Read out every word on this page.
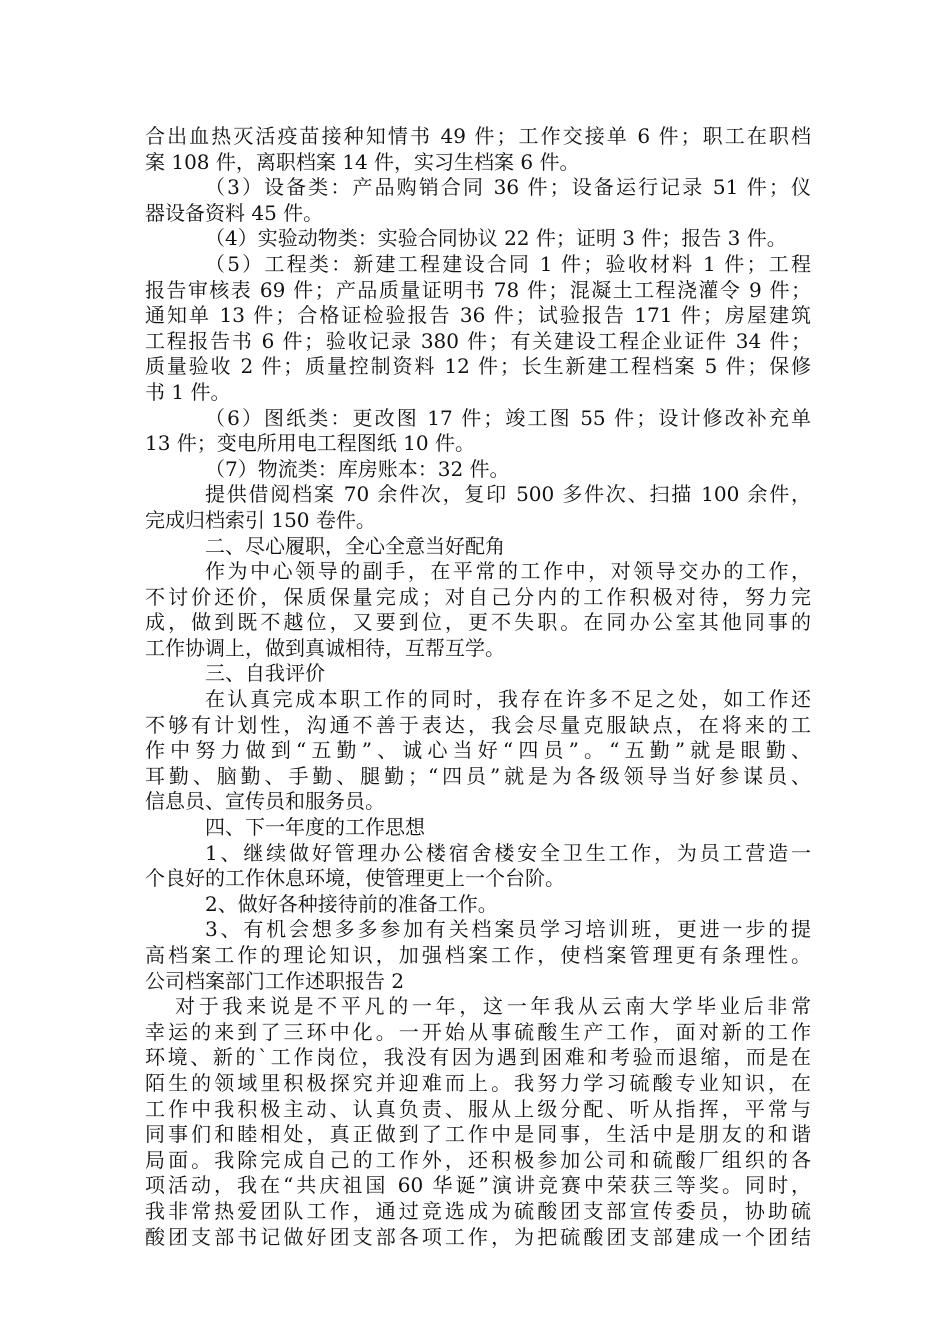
合出血热灭活疫苗接种知情书 49 件；工作交接单 6 件；职工在职档
案 108 件，离职档案 14 件，实习生档案 6 件。
（3）设备类：产品购销合同 36 件；设备运行记录 51 件；仪
器设备资料 45 件。
（4）实验动物类：实验合同协议 22 件；证明 3 件；报告 3 件。
（5）工程类：新建工程建设合同 1 件；验收材料 1 件；工程
报告审核表 69 件；产品质量证明书 78 件；混凝土工程浇灌令 9 件；
通知单 13 件；合格证检验报告 36 件；试验报告 171 件；房屋建筑
工程报告书 6 件；验收记录 380 件；有关建设工程企业证件 34 件；
质量验收 2 件；质量控制资料 12 件；长生新建工程档案 5 件；保修
书 1 件。
（6）图纸类：更改图 17 件；竣工图 55 件；设计修改补充单
13 件；变电所用电工程图纸 10 件。
（7）物流类：库房账本：32 件。
提供借阅档案 70 余件次，复印 500 多件次、扫描 100 余件，
完成归档索引 150 卷件。
二、尽心履职，全心全意当好配角
作为中心领导的副手，在平常的工作中，对领导交办的工作，
不讨价还价，保质保量完成；对自己分内的工作积极对待，努力完
成，做到既不越位，又要到位，更不失职。在同办公室其他同事的
工作协调上，做到真诚相待，互帮互学。
三、自我评价
在认真完成本职工作的同时，我存在许多不足之处，如工作还
不够有计划性，沟通不善于表达，我会尽量克服缺点，在将来的工
作中努力做到“五勤”、诚心当好“四员”。“五勤”就是眼勤、
耳勤、脑勤、手勤、腿勤；“四员”就是为各级领导当好参谋员、
信息员、宣传员和服务员。
四、下一年度的工作思想
1、继续做好管理办公楼宿舍楼安全卫生工作，为员工营造一
个良好的工作休息环境，使管理更上一个台阶。
2、做好各种接待前的准备工作。
3、有机会想多多参加有关档案员学习培训班，更进一步的提
高档案工作的理论知识，加强档案工作，使档案管理更有条理性。
公司档案部门工作述职报告 2
对于我来说是不平凡的一年，这一年我从云南大学毕业后非常
幸运的来到了三环中化。一开始从事硫酸生产工作，面对新的工作
环境、新的`工作岗位，我没有因为遇到困难和考验而退缩，而是在
陌生的领域里积极探究并迎难而上。我努力学习硫酸专业知识，在
工作中我积极主动、认真负责、服从上级分配、听从指挥，平常与
同事们和睦相处，真正做到了工作中是同事，生活中是朋友的和谐
局面。我除完成自己的工作外，还积极参加公司和硫酸厂组织的各
项活动，我在“共庆祖国 60 华诞”演讲竞赛中荣获三等奖。同时，
我非常热爱团队工作，通过竞选成为硫酸团支部宣传委员，协助硫
酸团支部书记做好团支部各项工作，为把硫酸团支部建成一个团结
